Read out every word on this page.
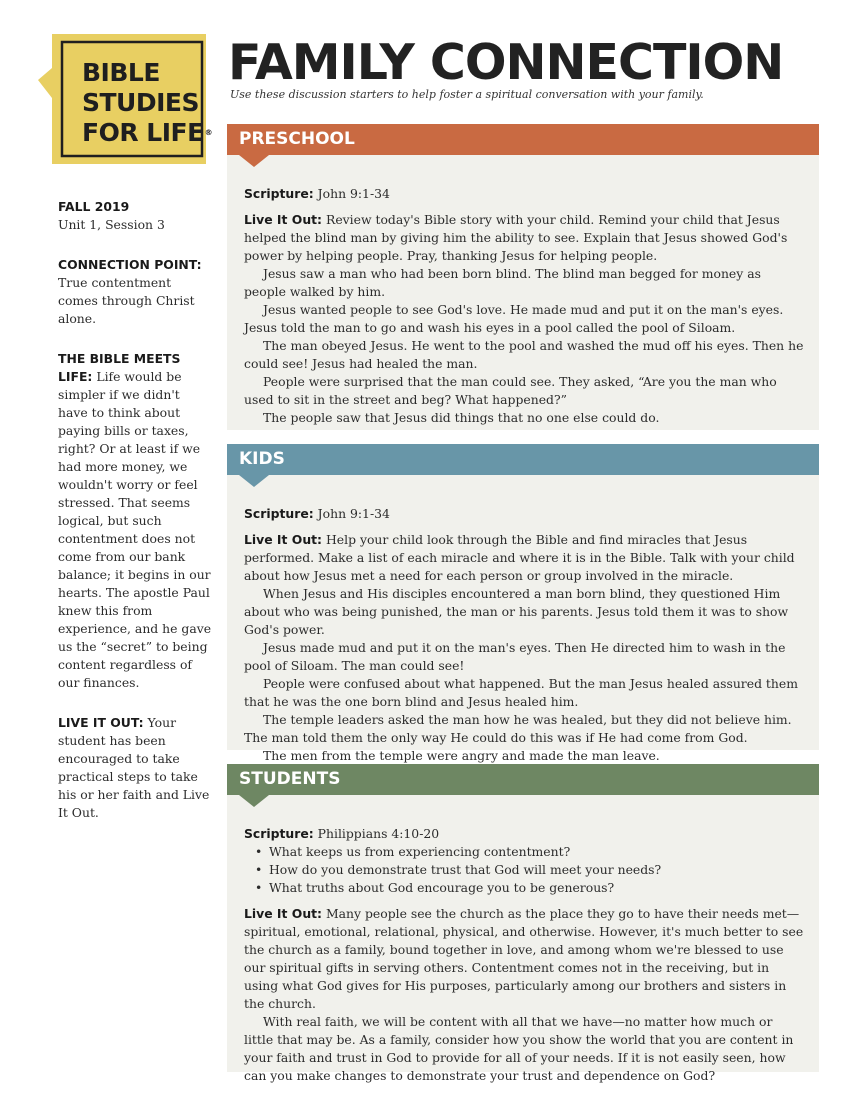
BIBLE
STUDIES
FOR LIFE®
FAMILY CONNECTION
Use these discussion starters to help foster a spiritual conversation with your family.
FALL 2019
Unit 1, Session 3
CONNECTION POINT:
True contentment comes through Christ alone.

THE BIBLE MEETS LIFE: Life would be simpler if we didn't have to think about paying bills or taxes, right? Or at least if we had more money, we wouldn't worry or feel stressed. That seems logical, but such contentment does not come from our bank balance; it begins in our hearts. The apostle Paul knew this from experience, and he gave us the “secret” to being content regardless of our finances.

LIVE IT OUT: Your student has been encouraged to take practical steps to take his or her faith and Live It Out.

PRESCHOOL

Scripture: John 9:1-34

Live It Out: Review today's Bible story with your child. Remind your child that Jesus helped the blind man by giving him the ability to see. Explain that Jesus showed God's power by helping people. Pray, thanking Jesus for helping people.

Jesus saw a man who had been born blind. The blind man begged for money as people walked by him.

Jesus wanted people to see God's love. He made mud and put it on the man's eyes. Jesus told the man to go and wash his eyes in a pool called the pool of Siloam.

The man obeyed Jesus. He went to the pool and washed the mud off his eyes. Then he could see! Jesus had healed the man.

People were surprised that the man could see. They asked, “Are you the man who used to sit in the street and beg? What happened?”

The people saw that Jesus did things that no one else could do.

KIDS

Scripture: John 9:1-34

Live It Out: Help your child look through the Bible and find miracles that Jesus performed. Make a list of each miracle and where it is in the Bible. Talk with your child about how Jesus met a need for each person or group involved in the miracle.

When Jesus and His disciples encountered a man born blind, they questioned Him about who was being punished, the man or his parents. Jesus told them it was to show God's power.

Jesus made mud and put it on the man's eyes. Then He directed him to wash in the pool of Siloam. The man could see!

People were confused about what happened. But the man Jesus healed assured them that he was the one born blind and Jesus healed him.

The temple leaders asked the man how he was healed, but they did not believe him. The man told them the only way He could do this was if He had come from God.

The men from the temple were angry and made the man leave.

STUDENTS

Scripture: Philippians 4:10-20

• What keeps us from experiencing contentment?
• How do you demonstrate trust that God will meet your needs?
• What truths about God encourage you to be generous?

Live It Out: Many people see the church as the place they go to have their needs met—spiritual, emotional, relational, physical, and otherwise. However, it's much better to see the church as a family, bound together in love, and among whom we're blessed to use our spiritual gifts in serving others. Contentment comes not in the receiving, but in using what God gives for His purposes, particularly among our brothers and sisters in the church.

With real faith, we will be content with all that we have—no matter how much or little that may be. As a family, consider how you show the world that you are content in your faith and trust in God to provide for all of your needs. If it is not easily seen, how can you make changes to demonstrate your trust and dependence on God?
